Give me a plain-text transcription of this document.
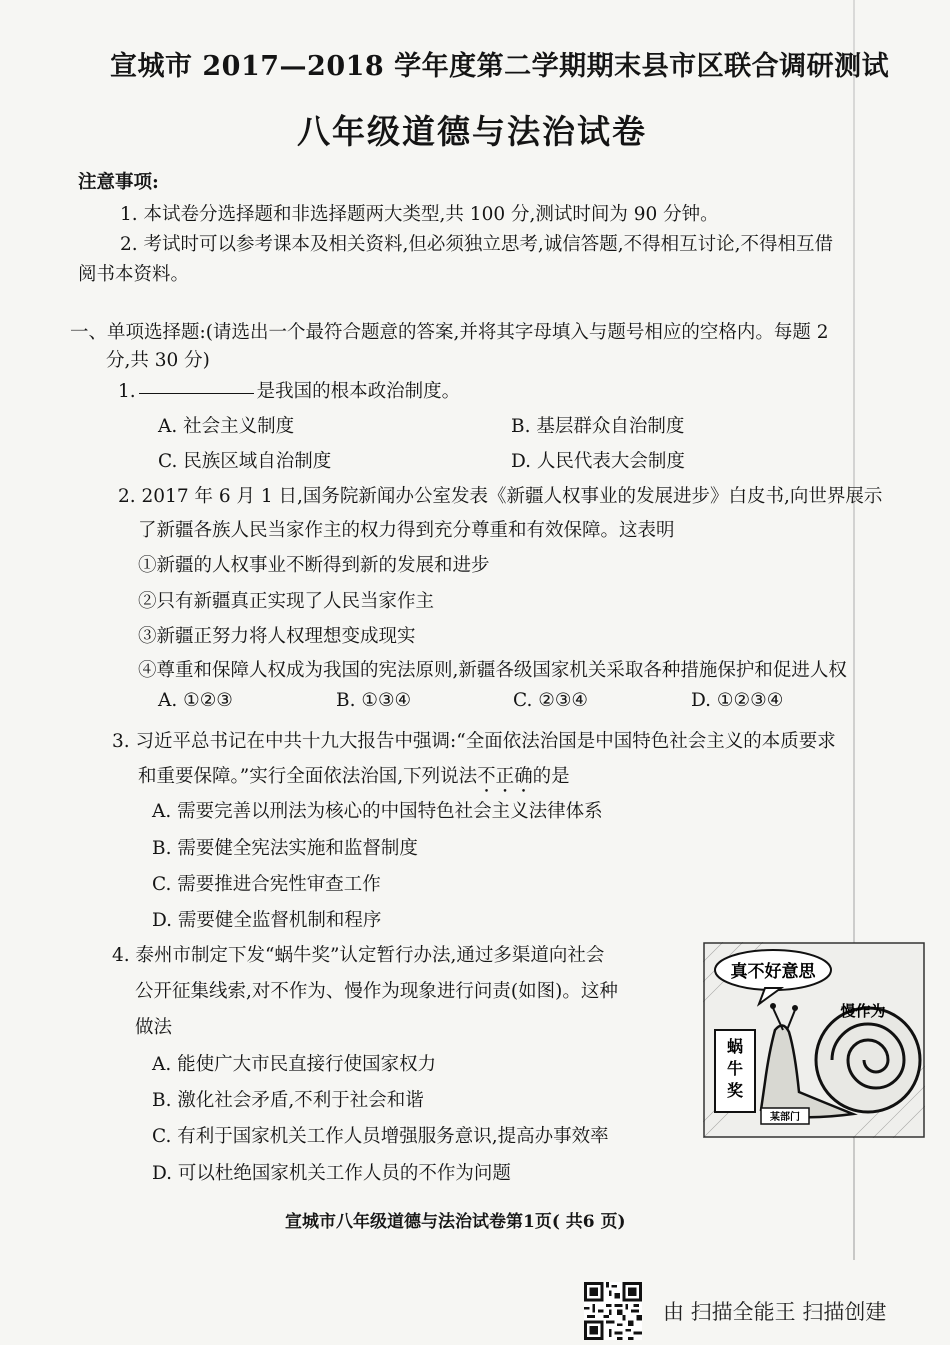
宣城市 2017—2018 学年度第二学期期末县市区联合调研测试
八年级道德与法治试卷
注意事项:
1. 本试卷分选择题和非选择题两大类型,共 100 分,测试时间为 90 分钟。
2. 考试时可以参考课本及相关资料,但必须独立思考,诚信答题,不得相互讨论,不得相互借
阅书本资料。
一、单项选择题:(请选出一个最符合题意的答案,并将其字母填入与题号相应的空格内。每题 2
分,共 30 分)
1.	是我国的根本政治制度。
A. 社会主义制度	B. 基层群众自治制度
C. 民族区域自治制度	D. 人民代表大会制度
2. 2017 年 6 月 1 日,国务院新闻办公室发表《新疆人权事业的发展进步》白皮书,向世界展示
了新疆各族人民当家作主的权力得到充分尊重和有效保障。这表明
①新疆的人权事业不断得到新的发展和进步
②只有新疆真正实现了人民当家作主
③新疆正努力将人权理想变成现实
④尊重和保障人权成为我国的宪法原则,新疆各级国家机关采取各种措施保护和促进人权
A. ①②③	B. ①③④	C. ②③④	D. ①②③④
3. 习近平总书记在中共十九大报告中强调:“全面依法治国是中国特色社会主义的本质要求
和重要保障。”实行全面依法治国,下列说法不正确的是
A. 需要完善以刑法为核心的中国特色社会主义法律体系
B. 需要健全宪法实施和监督制度
C. 需要推进合宪性审查工作
D. 需要健全监督机制和程序
4. 泰州市制定下发“蜗牛奖”认定暂行办法,通过多渠道向社会
公开征集线索,对不作为、慢作为现象进行问责(如图)。这种
做法
A. 能使广大市民直接行使国家权力
B. 激化社会矛盾,不利于社会和谐
C. 有利于国家机关工作人员增强服务意识,提高办事效率
D. 可以杜绝国家机关工作人员的不作为问题
真不好意思
慢作为
蜗
牛
奖
某部门
宣城市八年级道德与法治试卷第1页( 共6 页)
由 扫描全能王 扫描创建
